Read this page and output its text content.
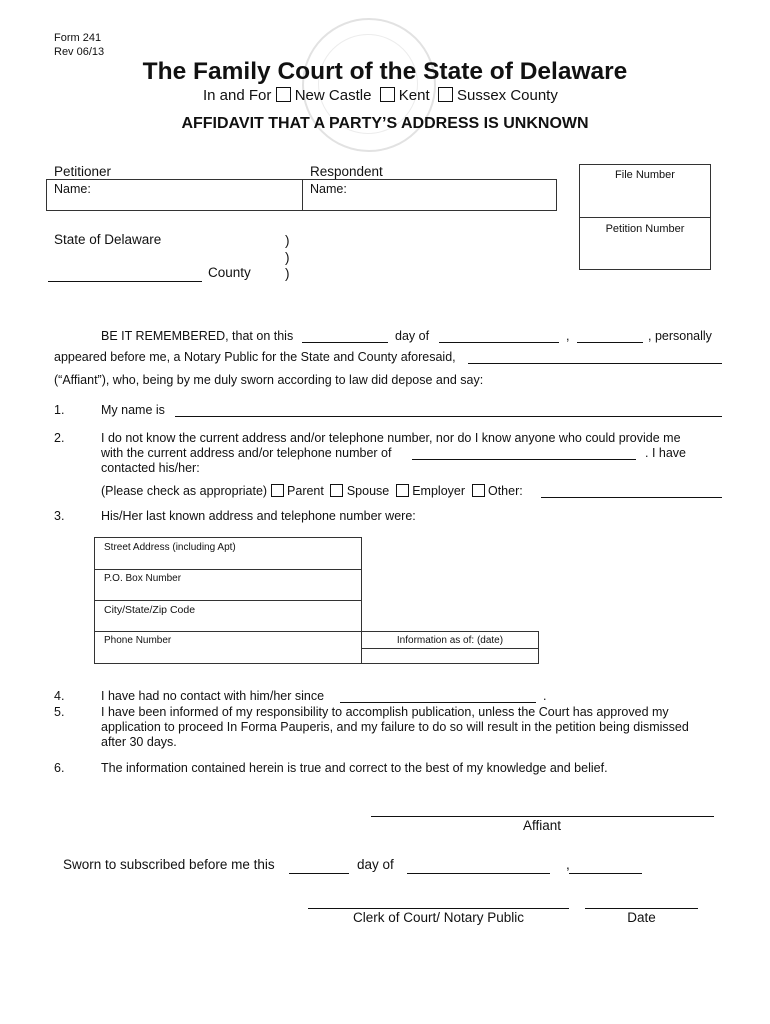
Form 241
Rev 06/13
The Family Court of the State of Delaware
In and For New Castle Kent Sussex County
AFFIDAVIT THAT A PARTY’S ADDRESS IS UNKNOWN
Petitioner	Respondent
Name:	Name:
File Number
Petition Number
State of Delaware	)
)
)
County
BE IT REMEMBERED, that on this	day of	,	, personally
appeared before me, a Notary Public for the State and County aforesaid,
(“Affiant”), who, being by me duly sworn according to law did depose and say:
1.	My name is
2.	I do not know the current address and/or telephone number, nor do I know anyone who could provide me
with the current address and/or telephone number of	. I have
contacted his/her:
(Please check as appropriate) Parent Spouse Employer Other:
3.	His/Her last known address and telephone number were:
Street Address (including Apt)
P.O. Box Number
City/State/Zip Code
Phone Number	Information as of: (date)
4.	I have had no contact with him/her since	.
5.	I have been informed of my responsibility to accomplish publication, unless the Court has approved my
application to proceed In Forma Pauperis, and my failure to do so will result in the petition being dismissed
after 30 days.
6.	The information contained herein is true and correct to the best of my knowledge and belief.
Affiant
Sworn to subscribed before me this	day of	,
Clerk of Court/ Notary Public	Date
